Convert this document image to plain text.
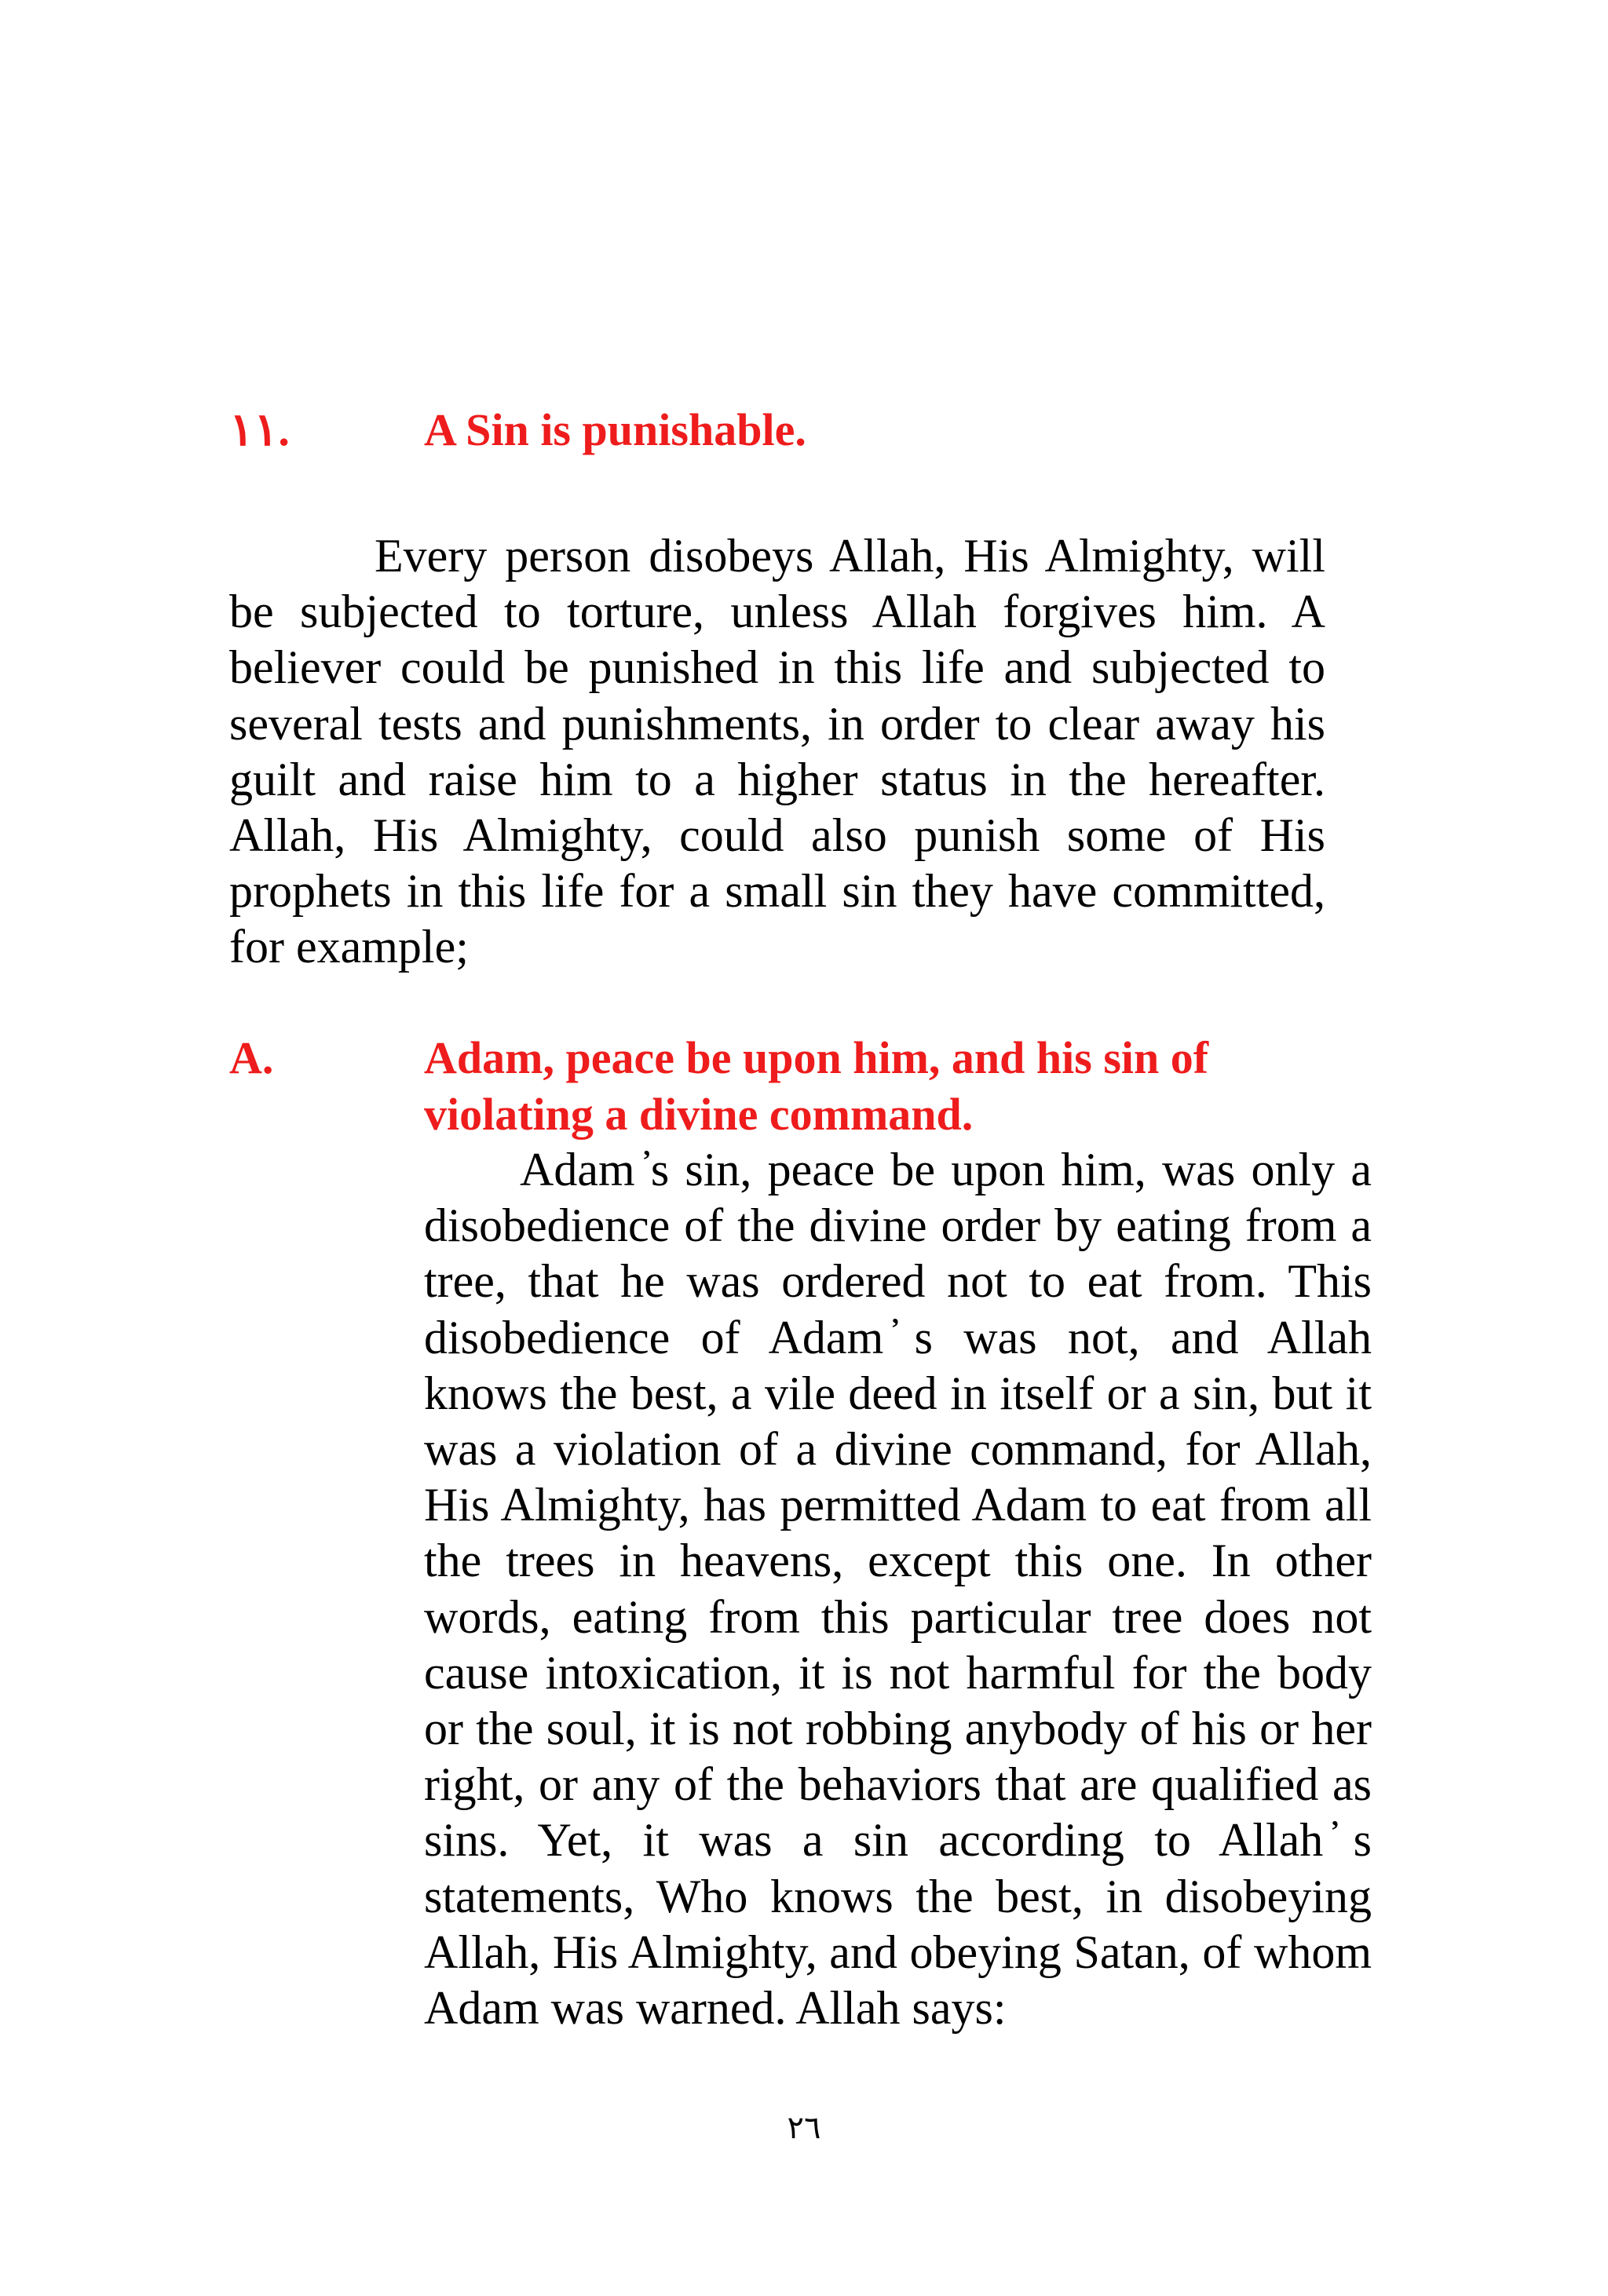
١١.	A Sin is punishable.

Every person disobeys Allah, His Almighty, will be subjected to torture, unless Allah forgives him. A believer could be punished in this life and subjected to several tests and punishments, in order to clear away his guilt and raise him to a higher status in the hereafter. Allah, His Almighty, could also punish some of His prophets in this life for a small sin they have committed, for example;

A.	Adam, peace be upon him, and his sin of violating a divine command.

Adam ̓s sin, peace be upon him, was only a disobedience of the divine order by eating from a tree, that he was ordered not to eat from. This disobedience of Adam ̓s was not, and Allah knows the best, a vile deed in itself or a sin, but it was a violation of a divine command, for Allah, His Almighty, has permitted Adam to eat from all the trees in heavens, except this one. In other words, eating from this particular tree does not cause intoxication, it is not harmful for the body or the soul, it is not robbing anybody of his or her right, or any of the behaviors that are qualified as sins. Yet, it was a sin according to Allah ̓s statements, Who knows the best, in disobeying Allah, His Almighty, and obeying Satan, of whom Adam was warned. Allah says:

٢٦
